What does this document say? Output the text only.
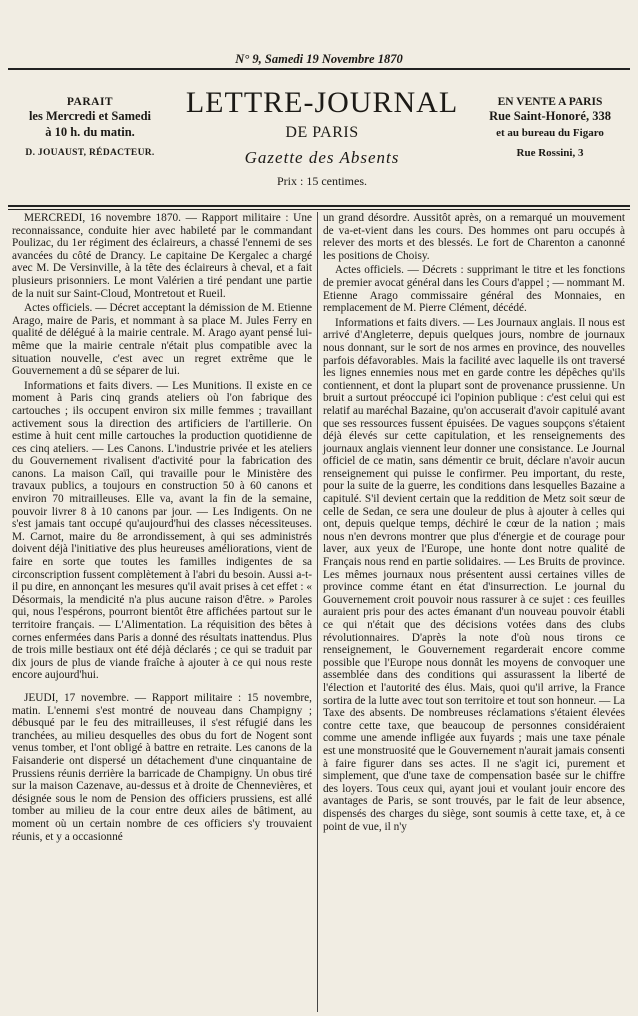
N° 9, Samedi 19 Novembre 1870
PARAIT
les Mercredi et Samedi
à 10 h. du matin.
D. JOUAUST, RÉDACTEUR.
LETTRE-JOURNAL
DE PARIS
Gazette des Absents
Prix : 15 centimes.
EN VENTE A PARIS
Rue Saint-Honoré, 338
et au bureau du Figaro
Rue Rossini, 3

MERCREDI, 16 novembre 1870. — Rapport militaire : Une reconnaissance, conduite hier avec habileté par le commandant Poulizac, du 1er régiment des éclaireurs, a chassé l'ennemi de ses avancées du côté de Drancy. Le capitaine De Kergalec a chargé avec M. De Versinville, à la tête des éclaireurs à cheval, et a fait plusieurs prisonniers. Le mont Valérien a tiré pendant une partie de la nuit sur Saint-Cloud, Montretout et Rueil.

Actes officiels. — Décret acceptant la démission de M. Etienne Arago, maire de Paris, et nommant à sa place M. Jules Ferry en qualité de délégué à la mairie centrale. M. Arago ayant pensé lui-même que la mairie centrale n'était plus compatible avec la situation nouvelle, c'est avec un regret extrême que le Gouvernement a dû se séparer de lui.

Informations et faits divers. — Les Munitions. Il existe en ce moment à Paris cinq grands ateliers où l'on fabrique des cartouches ; ils occupent environ six mille femmes ; travaillant activement sous la direction des artificiers de l'artillerie. On estime à huit cent mille cartouches la production quotidienne de ces cinq ateliers. — Les Canons. L'industrie privée et les ateliers du Gouvernement rivalisent d'activité pour la fabrication des canons. La maison Caïl, qui travaille pour le Ministère des travaux publics, a toujours en construction 50 à 60 canons et environ 70 mitrailleuses. Elle va, avant la fin de la semaine, pouvoir livrer 8 à 10 canons par jour. — Les Indigents. On ne s'est jamais tant occupé qu'aujourd'hui des classes nécessiteuses. M. Carnot, maire du 8e arrondissement, à qui ses administrés doivent déjà l'initiative des plus heureuses améliorations, vient de faire en sorte que toutes les familles indigentes de sa circonscription fussent complètement à l'abri du besoin. Aussi a-t-il pu dire, en annonçant les mesures qu'il avait prises à cet effet : « Désormais, la mendicité n'a plus aucune raison d'être. » Paroles qui, nous l'espérons, pourront bientôt être affichées partout sur le territoire français. — L'Alimentation. La réquisition des bêtes à cornes enfermées dans Paris a donné des résultats inattendus. Plus de trois mille bestiaux ont été déjà déclarés ; ce qui se traduit par dix jours de plus de viande fraîche à ajouter à ce qui nous reste encore aujourd'hui.

JEUDI, 17 novembre. — Rapport militaire : 15 novembre, matin. L'ennemi s'est montré de nouveau dans Champigny ; débusqué par le feu des mitrailleuses, il s'est réfugié dans les tranchées, au milieu desquelles des obus du fort de Nogent sont venus tomber, et l'ont obligé à battre en retraite. Les canons de la Faisanderie ont dispersé un détachement d'une cinquantaine de Prussiens réunis derrière la barricade de Champigny. Un obus tiré sur la maison Cazenave, au-dessus et à droite de Chennevières, et désignée sous le nom de Pension des officiers prussiens, est allé tomber au milieu de la cour entre deux ailes de bâtiment, au moment où un certain nombre de ces officiers s'y trouvaient réunis, et y a occasionné

un grand désordre. Aussitôt après, on a remarqué un mouvement de va-et-vient dans les cours. Des hommes ont paru occupés à relever des morts et des blessés. Le fort de Charenton a canonné les positions de Choisy.

Actes officiels. — Décrets : supprimant le titre et les fonctions de premier avocat général dans les Cours d'appel ; — nommant M. Etienne Arago commissaire général des Monnaies, en remplacement de M. Pierre Clément, décédé.

Informations et faits divers. — Les Journaux anglais. Il nous est arrivé d'Angleterre, depuis quelques jours, nombre de journaux nous donnant, sur le sort de nos armes en province, des nouvelles parfois défavorables. Mais la facilité avec laquelle ils ont traversé les lignes ennemies nous met en garde contre les dépêches qu'ils contiennent, et dont la plupart sont de provenance prussienne. Un bruit a surtout préoccupé ici l'opinion publique : c'est celui qui est relatif au maréchal Bazaine, qu'on accuserait d'avoir capitulé avant que ses ressources fussent épuisées. De vagues soupçons s'étaient déjà élevés sur cette capitulation, et les renseignements des journaux anglais viennent leur donner une consistance. Le Journal officiel de ce matin, sans démentir ce bruit, déclare n'avoir aucun renseignement qui puisse le confirmer. Peu important, du reste, pour la suite de la guerre, les conditions dans lesquelles Bazaine a capitulé. S'il devient certain que la reddition de Metz soit sœur de celle de Sedan, ce sera une douleur de plus à ajouter à celles qui ont, depuis quelque temps, déchiré le cœur de la nation ; mais nous n'en devrons montrer que plus d'énergie et de courage pour laver, aux yeux de l'Europe, une honte dont notre qualité de Français nous rend en partie solidaires. — Les Bruits de province. Les mêmes journaux nous présentent aussi certaines villes de province comme étant en état d'insurrection. Le journal du Gouvernement croit pouvoir nous rassurer à ce sujet : ces feuilles auraient pris pour des actes émanant d'un nouveau pouvoir établi ce qui n'était que des décisions votées dans des clubs révolutionnaires. D'après la note d'où nous tirons ce renseignement, le Gouvernement regarderait encore comme possible que l'Europe nous donnât les moyens de convoquer une assemblée dans des conditions qui assurassent la liberté de l'élection et l'autorité des élus. Mais, quoi qu'il arrive, la France sortira de la lutte avec tout son territoire et tout son honneur. — La Taxe des absents. De nombreuses réclamations s'étaient élevées contre cette taxe, que beaucoup de personnes considéraient comme une amende infligée aux fuyards ; mais une taxe pénale est une monstruosité que le Gouvernement n'aurait jamais consenti à faire figurer dans ses actes. Il ne s'agit ici, purement et simplement, que d'une taxe de compensation basée sur le chiffre des loyers. Tous ceux qui, ayant joui et voulant jouir encore des avantages de Paris, se sont trouvés, par le fait de leur absence, dispensés des charges du siège, sont soumis à cette taxe, et, à ce point de vue, il n'y
